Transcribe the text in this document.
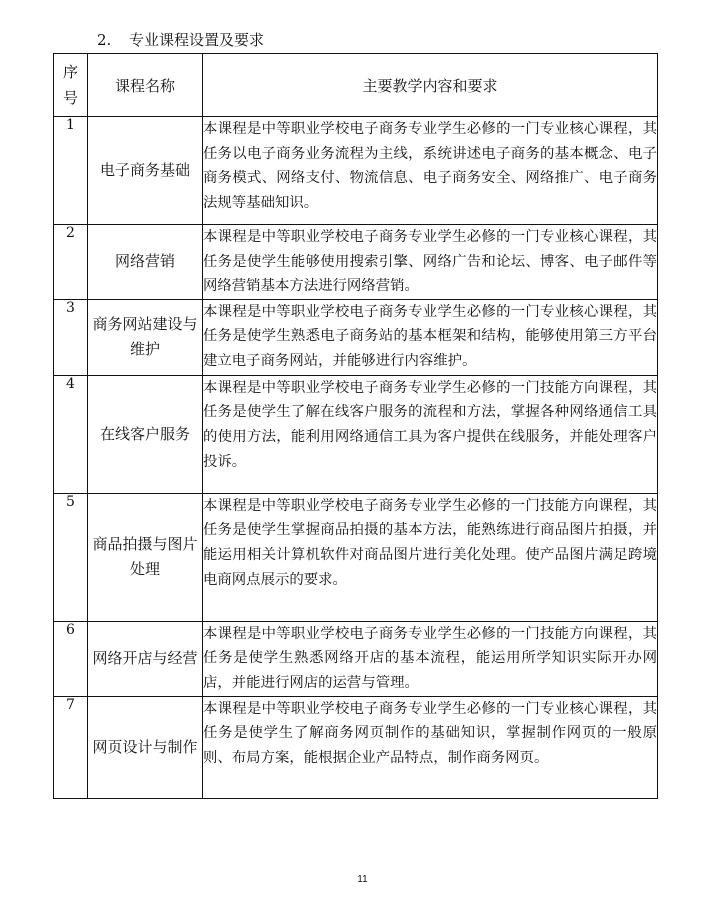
2. 专业课程设置及要求
序
号	课程名称	主要教学内容和要求
1	电子商务基础	本课程是中等职业学校电子商务专业学生必修的一门专业核心课程，其任务以电子商务业务流程为主线，系统讲述电子商务的基本概念、电子商务模式、网络支付、物流信息、电子商务安全、网络推广、电子商务法规等基础知识。
2	网络营销	本课程是中等职业学校电子商务专业学生必修的一门专业核心课程，其任务是使学生能够使用搜索引擎、网络广告和论坛、博客、电子邮件等网络营销基本方法进行网络营销。
3	商务网站建设与维护	本课程是中等职业学校电子商务专业学生必修的一门专业核心课程，其任务是使学生熟悉电子商务站的基本框架和结构，能够使用第三方平台建立电子商务网站，并能够进行内容维护。
4	在线客户服务	本课程是中等职业学校电子商务专业学生必修的一门技能方向课程，其任务是使学生了解在线客户服务的流程和方法，掌握各种网络通信工具的使用方法，能利用网络通信工具为客户提供在线服务，并能处理客户投诉。
5	商品拍摄与图片处理	本课程是中等职业学校电子商务专业学生必修的一门技能方向课程，其任务是使学生掌握商品拍摄的基本方法，能熟练进行商品图片拍摄，并能运用相关计算机软件对商品图片进行美化处理。使产品图片满足跨境电商网点展示的要求。
6	网络开店与经营	本课程是中等职业学校电子商务专业学生必修的一门技能方向课程，其任务是使学生熟悉网络开店的基本流程，能运用所学知识实际开办网店，并能进行网店的运营与管理。
7	网页设计与制作	本课程是中等职业学校电子商务专业学生必修的一门专业核心课程，其任务是使学生了解商务网页制作的基础知识，掌握制作网页的一般原则、布局方案，能根据企业产品特点，制作商务网页。
11
